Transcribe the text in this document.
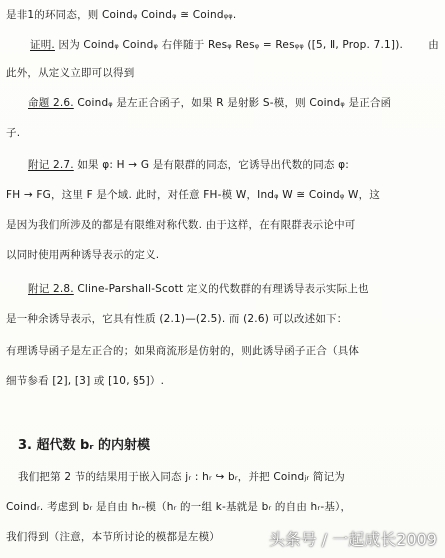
是非1的环同态，则 Coindᵩ Coindᵩ ≅ Coindᵩᵩ.
证明. 因为 Coindᵩ Coindᵩ 右伴随于 Resᵩ Resᵩ = Resᵩᵩ ([5, Ⅱ, Prop. 7.1]). 由
此外，从定义立即可以得到
命题 2.6. Coindᵩ 是左正合函子，如果 R 是射影 S-模，则 Coindᵩ 是正合函
子.
附记 2.7. 如果 φ: H → G 是有限群的同态，它诱导出代数的同态 φ:
FH → FG，这里 F 是个域. 此时，对任意 FH-模 W，Indᵩ W ≅ Coindᵩ W，这
是因为我们所涉及的都是有限维对称代数. 由于这样，在有限群表示论中可
以同时使用两种诱导表示的定义.
附记 2.8. Cline-Parshall-Scott 定义的代数群的有理诱导表示实际上也
是一种余诱导表示，它具有性质 (2.1)—(2.5). 而 (2.6) 可以改述如下：
有理诱导函子是左正合的；如果商流形是仿射的，则此诱导函子正合（具体
细节参看 [2], [3] 或 [10, §5]）.
3. 超代数 bᵣ 的内射模
我们把第 2 节的结果用于嵌入同态 jᵣ : hᵣ ↪ bᵣ，并把 Coindⱼᵣ 简记为
Coindᵣ. 考虑到 bᵣ 是自由 hᵣ-模（hᵣ 的一组 k-基就是 bᵣ 的自由 hᵣ-基），
我们得到（注意，本节所讨论的模都是左模）	头条号 / 一起成长2009
